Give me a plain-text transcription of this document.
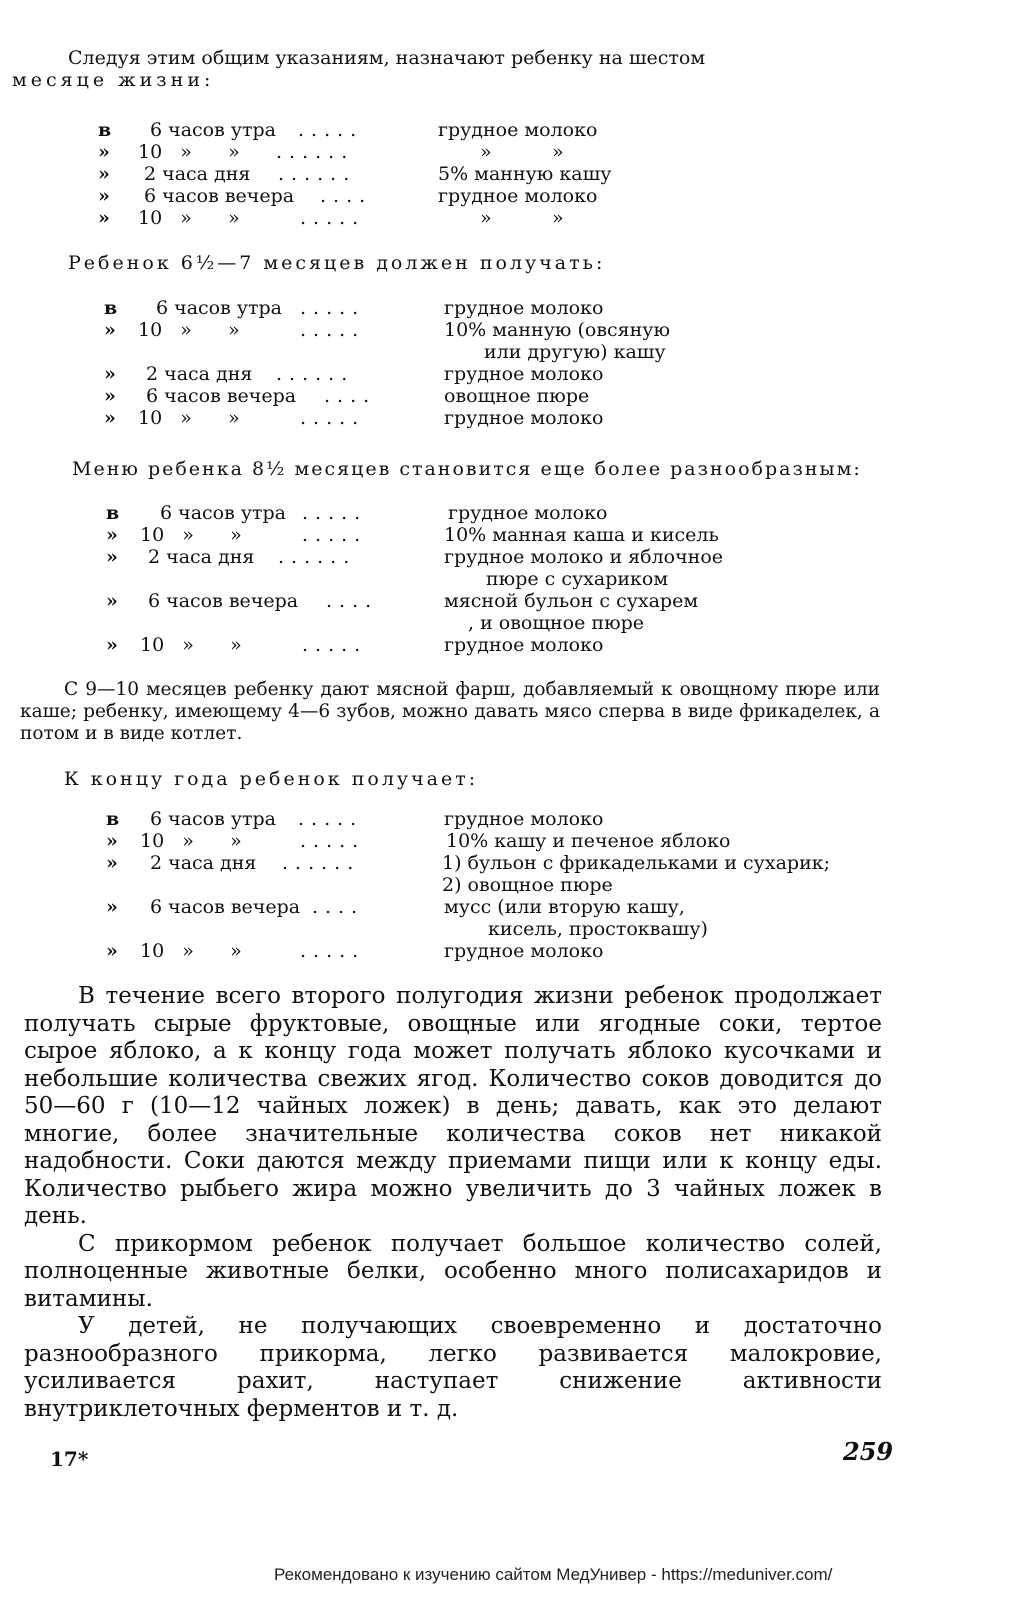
Следуя этим общим указаниям, назначают ребенку на шестом
месяце жизни:
в	6 часов утра .....	грудное молоко
»	10   »      » ......	»          »
»	2 часа дня ......	5% манную кашу
»	6 часов вечера ....	грудное молоко
»	10   »      »	.....	»          »
Ребенок 6½—7 месяцев должен получать:
в	6 часов утра .....	грудное молоко
»	10   »      »	.....	10% манную (овсяную
или другую) кашу
»	2 часа дня ......	грудное молоко
»	6 часов вечера ....	овощное пюре
»	10   »      »	.....	грудное молоко
Меню ребенка 8½ месяцев становится еще более разнообразным:
в	6 часов утра .....	грудное молоко
»	10   »      »	.....	10% манная каша и кисель
»	2 часа дня ......	грудное молоко и яблочное
пюре с сухариком
»	6 часов вечера ....	мясной бульон с сухарем
, и овощное пюре
»	10   »      »	.....	грудное молоко
С 9—10 месяцев ребенку дают мясной фарш, добавляемый к овощному пюре или каше; ребенку, имеющему 4—6 зубов, можно давать мясо сперва в виде фрикаделек, а потом и в виде котлет.
К концу года ребенок получает:
в	6 часов утра .....	грудное молоко
»	10   »      »	.....	10% кашу и печеное яблоко
»	2 часа дня ......	1) бульон с фрикадельками и сухарик;
2) овощное пюре
»	6 часов вечера ....	мусс (или вторую кашу,
кисель, простоквашу)
»	10   »      »	.....	грудное молоко

В течение всего второго полугодия жизни ребенок продолжает получать сырые фруктовые, овощные или ягодные соки, тертое сырое яблоко, а к концу года может получать яблоко кусочками и небольшие количества свежих ягод. Количество соков доводится до 50—60 г (10—12 чайных ложек) в день; давать, как это делают многие, более значительные количества соков нет никакой надобности. Соки даются между приемами пищи или к концу еды. Количество рыбьего жира можно увеличить до 3 чайных ложек в день.

С прикормом ребенок получает большое количество солей, полноценные животные белки, особенно много полисахаридов и витамины.

У детей, не получающих своевременно и достаточно разнообразного прикорма, легко развивается малокровие, усиливается рахит, наступает снижение активности внутриклеточных ферментов и т. д.

17*	259
Рекомендовано к изучению сайтом МедУнивер - https://meduniver.com/
